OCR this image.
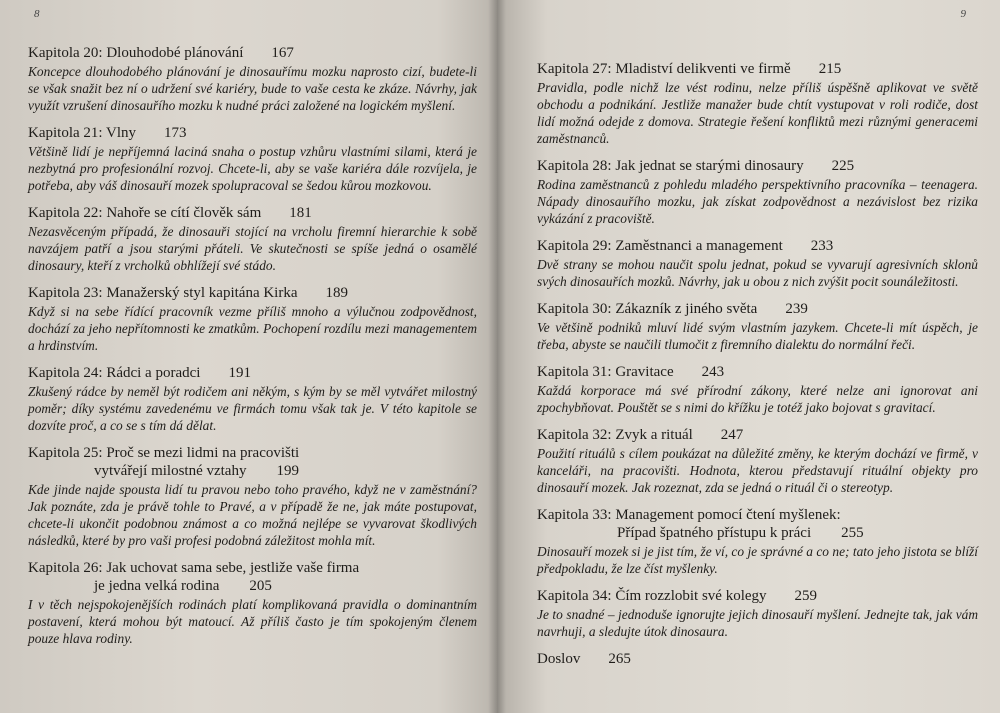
8

Kapitola 20: Dlouhodobé plánování 167

Koncepce dlouhodobého plánování je dinosauřímu mozku naprosto cizí, budete-li se však snažit bez ní o udržení své kariéry, bude to vaše cesta ke zkáze. Návrhy, jak využít vzrušení dinosauřího mozku k nudné práci založené na logickém myšlení.

Kapitola 21: Vlny 173

Většině lidí je nepříjemná laciná snaha o postup vzhůru vlastními silami, která je nezbytná pro profesionální rozvoj. Chcete-li, aby se vaše kariéra dále rozvíjela, je potřeba, aby váš dinosauří mozek spolupracoval se šedou kůrou mozkovou.

Kapitola 22: Nahoře se cítí člověk sám 181

Nezasvěceným případá, že dinosauři stojící na vrcholu firemní hierarchie k sobě navzájem patří a jsou starými přáteli. Ve skutečnosti se spíše jedná o osamělé dinosaury, kteří z vrcholků obhlížejí své stádo.

Kapitola 23: Manažerský styl kapitána Kirka 189

Když si na sebe řídící pracovník vezme příliš mnoho a výlučnou zodpovědnost, dochází za jeho nepřítomnosti ke zmatkům. Pochopení rozdílu mezi managementem a hrdinstvím.

Kapitola 24: Rádci a poradci 191

Zkušený rádce by neměl být rodičem ani někým, s kým by se měl vytvářet milostný poměr; díky systému zavedenému ve firmách tomu však tak je. V této kapitole se dozvíte proč, a co se s tím dá dělat.

Kapitola 25: Proč se mezi lidmi na pracovišti
vytvářejí milostné vztahy 199

Kde jinde najde spousta lidí tu pravou nebo toho pravého, když ne v zaměstnání? Jak poznáte, zda je právě tohle to Pravé, a v případě že ne, jak máte postupovat, chcete-li ukončit podobnou známost a co možná nejlépe se vyvarovat škodlivých následků, které by pro vaši profesi podobná záležitost mohla mít.

Kapitola 26: Jak uchovat sama sebe, jestliže vaše firma
je jedna velká rodina 205

I v těch nejspokojenějších rodinách platí komplikovaná pravidla o dominantním postavení, která mohou být matoucí. Až příliš často je tím spokojeným členem pouze hlava rodiny.

9

Kapitola 27: Mladiství delikventi ve firmě 215

Pravidla, podle nichž lze vést rodinu, nelze příliš úspěšně aplikovat ve světě obchodu a podnikání. Jestliže manažer bude chtít vystupovat v roli rodiče, dost lidí možná odejde z domova. Strategie řešení konfliktů mezi různými generacemi zaměstnanců.

Kapitola 28: Jak jednat se starými dinosaury 225

Rodina zaměstnanců z pohledu mladého perspektivního pracovníka – teenagera. Nápady dinosauřího mozku, jak získat zodpovědnost a nezávislost bez rizika vykázání z pracoviště.

Kapitola 29: Zaměstnanci a management 233

Dvě strany se mohou naučit spolu jednat, pokud se vyvarují agresivních sklonů svých dinosauřích mozků. Návrhy, jak u obou z nich zvýšit pocit sounáležitosti.

Kapitola 30: Zákazník z jiného světa 239

Ve většině podniků mluví lidé svým vlastním jazykem. Chcete-li mít úspěch, je třeba, abyste se naučili tlumočit z firemního dialektu do normální řeči.

Kapitola 31: Gravitace 243

Každá korporace má své přírodní zákony, které nelze ani ignorovat ani zpochybňovat. Pouštět se s nimi do křížku je totéž jako bojovat s gravitací.

Kapitola 32: Zvyk a rituál 247

Použití rituálů s cílem poukázat na důležité změny, ke kterým dochází ve firmě, v kanceláři, na pracovišti. Hodnota, kterou představují rituální objekty pro dinosauří mozek. Jak rozeznat, zda se jedná o rituál či o stereotyp.

Kapitola 33: Management pomocí čtení myšlenek:
Případ špatného přístupu k práci 255

Dinosauří mozek si je jist tím, že ví, co je správné a co ne; tato jeho jistota se blíží předpokladu, že lze číst myšlenky.

Kapitola 34: Čím rozzlobit své kolegy 259

Je to snadné – jednoduše ignorujte jejich dinosauří myšlení. Jednejte tak, jak vám navrhuji, a sledujte útok dinosaura.

Doslov 265
